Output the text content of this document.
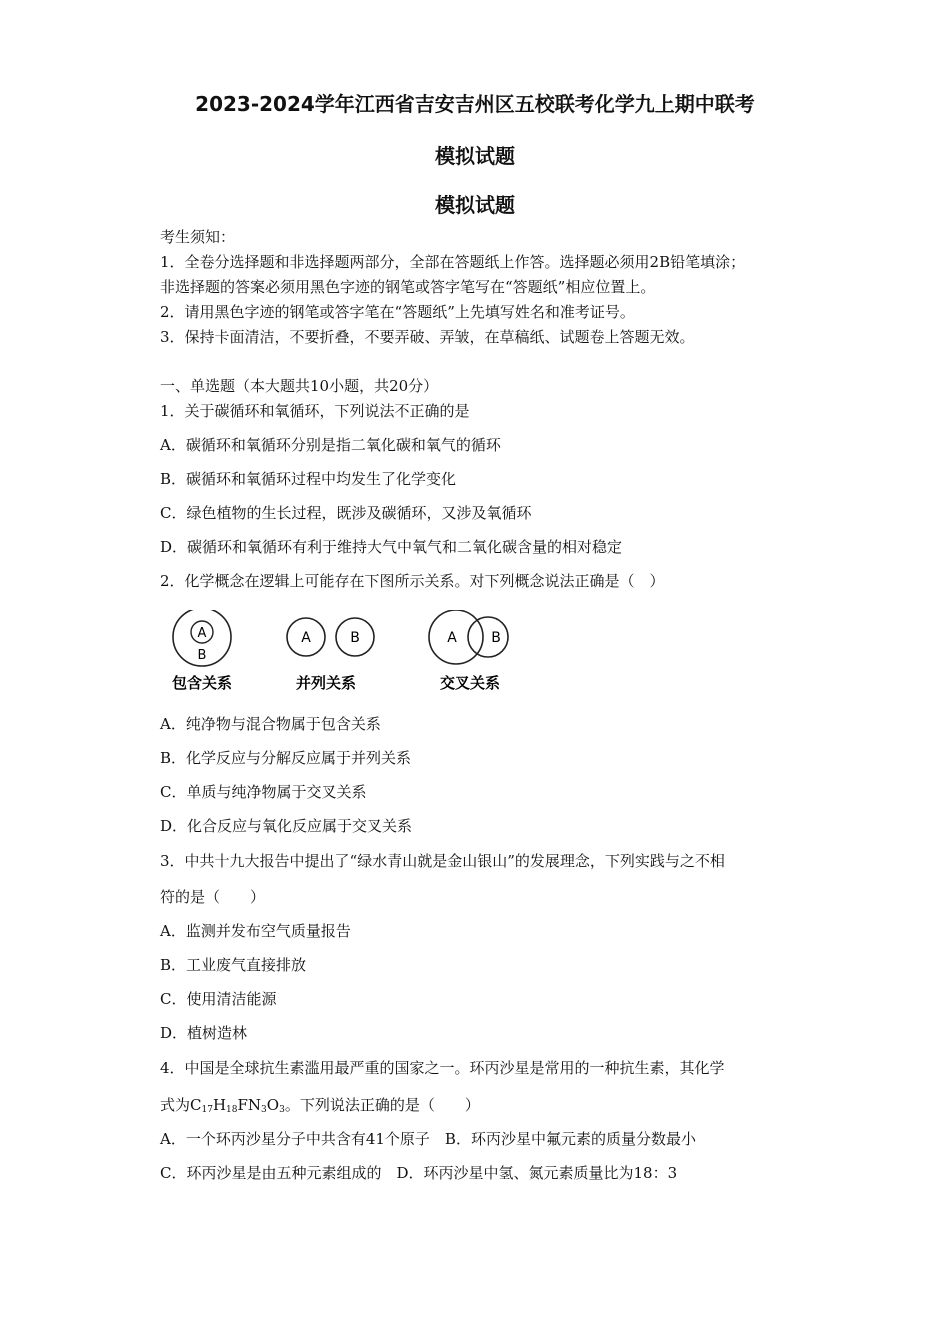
2023-2024学年江西省吉安吉州区五校联考化学九上期中联考
模拟试题
模拟试题
考生须知：
1．全卷分选择题和非选择题两部分，全部在答题纸上作答。选择题必须用2B铅笔填涂；
非选择题的答案必须用黑色字迹的钢笔或答字笔写在“答题纸”相应位置上。
2．请用黑色字迹的钢笔或答字笔在“答题纸”上先填写姓名和准考证号。
3．保持卡面清洁，不要折叠，不要弄破、弄皱，在草稿纸、试题卷上答题无效。
一、单选题（本大题共10小题，共20分）
1．关于碳循环和氧循环，下列说法不正确的是
A．碳循环和氧循环分别是指二氧化碳和氧气的循环
B．碳循环和氧循环过程中均发生了化学变化
C．绿色植物的生长过程，既涉及碳循环，又涉及氧循环
D．碳循环和氧循环有利于维持大气中氧气和二氧化碳含量的相对稳定
2．化学概念在逻辑上可能存在下图所示关系。对下列概念说法正确是（　）
A
B
包含关系
A	B
并列关系
A B
交叉关系
A．纯净物与混合物属于包含关系
B．化学反应与分解反应属于并列关系
C．单质与纯净物属于交叉关系
D．化合反应与氧化反应属于交叉关系
3．中共十九大报告中提出了“绿水青山就是金山银山”的发展理念，下列实践与之不相
符的是（　　）
A．监测并发布空气质量报告
B．工业废气直接排放
C．使用清洁能源
D．植树造林
4．中国是全球抗生素滥用最严重的国家之一。环丙沙星是常用的一种抗生素，其化学
式为$C_{17}H_{18}FN_3O_3$。下列说法正确的是（　　）
A．一个环丙沙星分子中共含有41个原子　B．环丙沙星中氟元素的质量分数最小
C．环丙沙星是由五种元素组成的　D．环丙沙星中氢、氮元素质量比为18：3
